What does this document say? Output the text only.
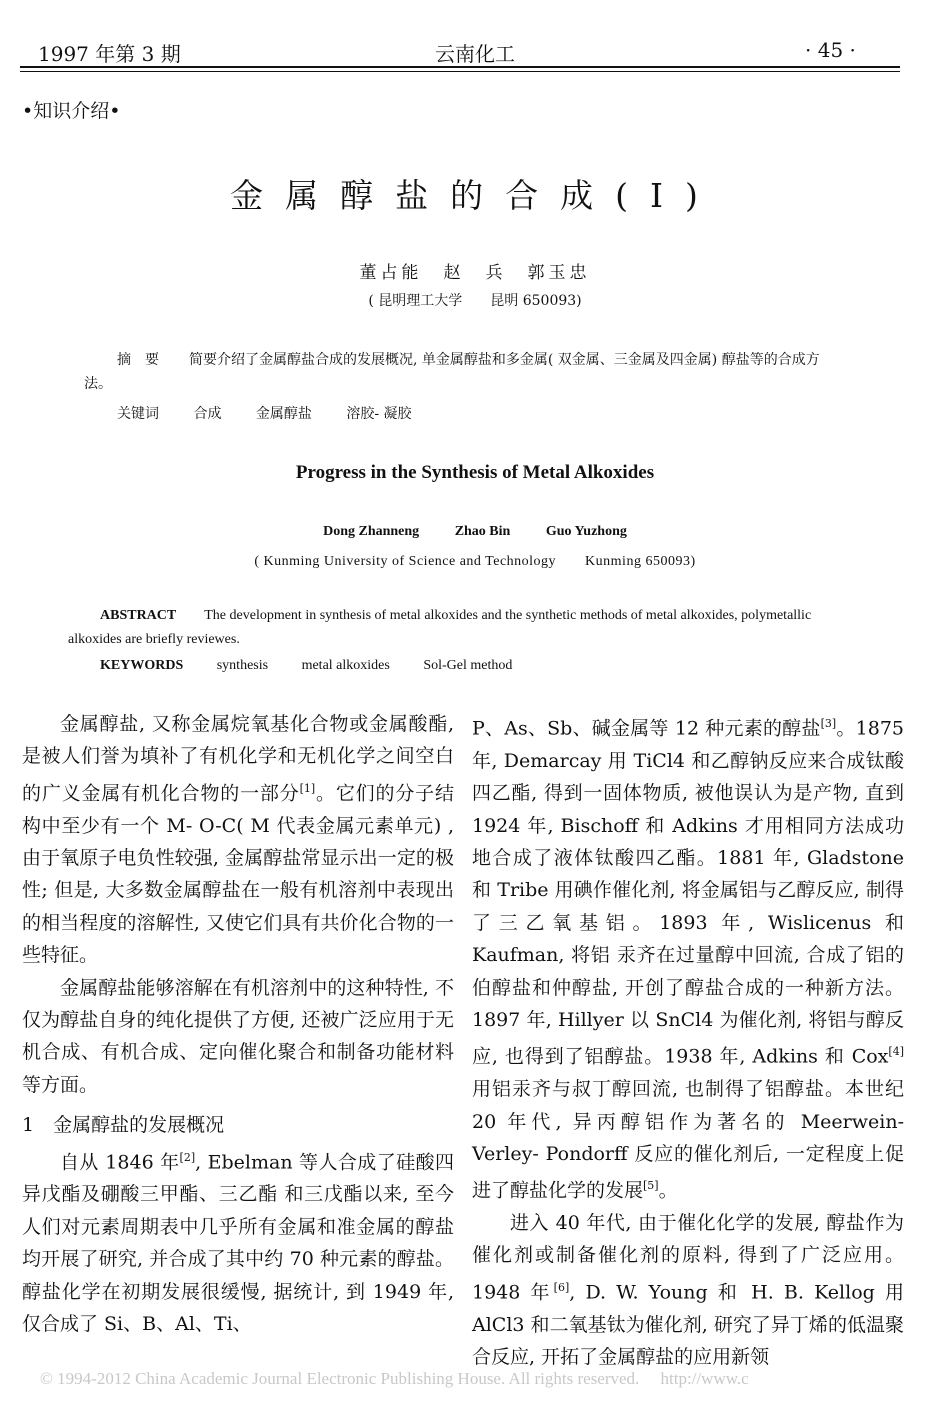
1997 年第 3 期	云南化工	· 45 ·
•知识介绍•
金属醇盐的合成(Ⅰ)
董占能　赵　兵　郭玉忠
( 昆明理工大学　　昆明 650093)
摘　要 简要介绍了金属醇盐合成的发展概况, 单金属醇盐和多金属( 双金属、三金属及四金属) 醇盐等的合成方法。
关键词 合成 金属醇盐 溶胶- 凝胶
Progress in the Synthesis of Metal Alkoxides
Dong Zhanneng	Zhao Bin	Guo Yuzhong
( Kunming University of Science and Technology　　Kunming 650093)
ABSTRACT The development in synthesis of metal alkoxides and the synthetic methods of metal alkoxides, polymetallic alkoxides are briefly reviewes.
KEYWORDS synthesis metal alkoxides Sol-Gel method

金属醇盐, 又称金属烷氧基化合物或金属酸酯, 是被人们誉为填补了有机化学和无机化学之间空白的广义金属有机化合物的一部分[1]。它们的分子结构中至少有一个 M- O-C( M 代表金属元素单元) , 由于氧原子电负性较强, 金属醇盐常显示出一定的极性; 但是, 大多数金属醇盐在一般有机溶剂中表现出的相当程度的溶解性, 又使它们具有共价化合物的一些特征。

金属醇盐能够溶解在有机溶剂中的这种特性, 不仅为醇盐自身的纯化提供了方便, 还被广泛应用于无机合成、有机合成、定向催化聚合和制备功能材料等方面。

1　金属醇盐的发展概况

自从 1846 年[2], Ebelman 等人合成了硅酸四异戊酯及硼酸三甲酯、三乙酯 和三戊酯以来, 至今人们对元素周期表中几乎所有金属和准金属的醇盐均开展了研究, 并合成了其中约 70 种元素的醇盐。醇盐化学在初期发展很缓慢, 据统计, 到 1949 年, 仅合成了 Si、B、Al、Ti、

P、As、Sb、碱金属等 12 种元素的醇盐[3]。1875 年, Demarcay 用 TiCl4 和乙醇钠反应来合成钛酸四乙酯, 得到一固体物质, 被他误认为是产物, 直到 1924 年, Bischoff 和 Adkins 才用相同方法成功地合成了液体钛酸四乙酯。1881 年, Gladstone 和 Tribe 用碘作催化剂, 将金属铝与乙醇反应, 制得了三乙氧基铝。1893 年, Wislicenus 和 Kaufman, 将铝 汞齐在过量醇中回流, 合成了铝的伯醇盐和仲醇盐, 开创了醇盐合成的一种新方法。1897 年, Hillyer 以 SnCl4 为催化剂, 将铝与醇反应, 也得到了铝醇盐。1938 年, Adkins 和 Cox[4]用铝汞齐与叔丁醇回流, 也制得了铝醇盐。本世纪 20 年代, 异丙醇铝作为著名的 Meerwein- Verley- Pondorff 反应的催化剂后, 一定程度上促进了醇盐化学的发展[5]。

进入 40 年代, 由于催化化学的发展, 醇盐作为催化剂或制备催化剂的原料, 得到了广泛应用。1948 年[6], D. W. Young 和 H. B. Kellog 用 AlCl3 和二氧基钛为催化剂, 研究了异丁烯的低温聚合反应, 开拓了金属醇盐的应用新领

© 1994-2012 China Academic Journal Electronic Publishing House. All rights reserved.　 http://www.c
